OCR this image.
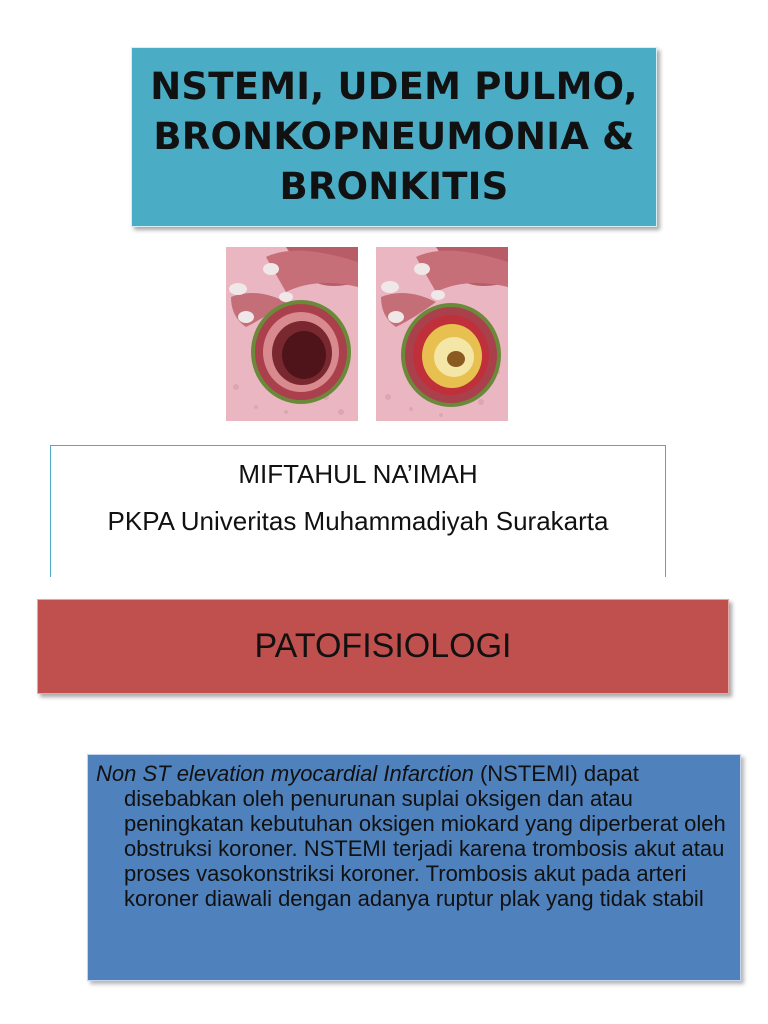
NSTEMI, UDEM PULMO,
BRONKOPNEUMONIA &
BRONKITIS
MIFTAHUL NA’IMAH
PKPA Univeritas Muhammadiyah Surakarta
PATOFISIOLOGI

Non ST elevation myocardial Infarction (NSTEMI) dapat disebabkan oleh penurunan suplai oksigen dan atau peningkatan kebutuhan oksigen miokard yang diperberat oleh obstruksi koroner. NSTEMI terjadi karena trombosis akut atau proses vasokonstriksi koroner. Trombosis akut pada arteri koroner diawali dengan adanya ruptur plak yang tidak stabil
